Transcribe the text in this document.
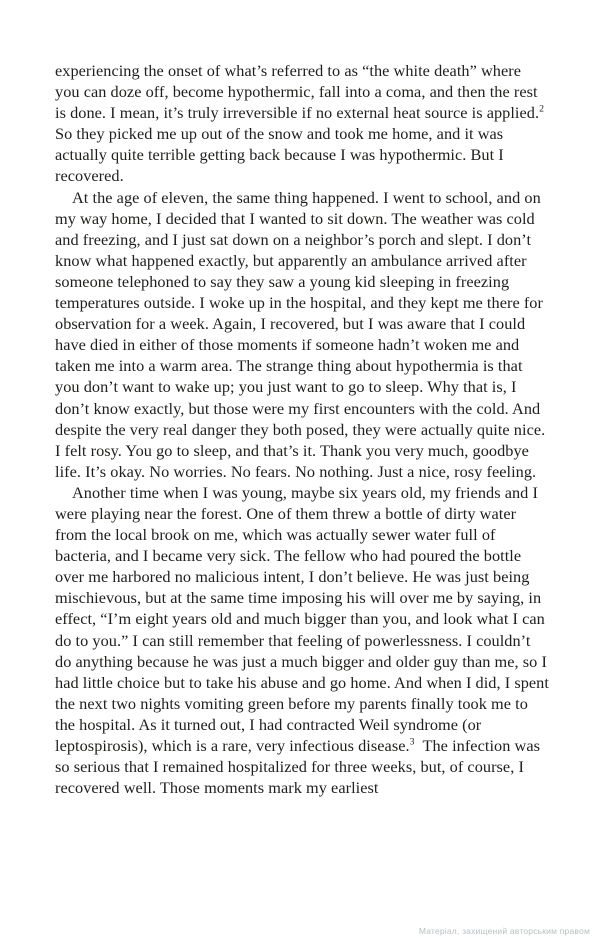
experiencing the onset of what’s referred to as “the white death” where you can doze off, become hypothermic, fall into a coma, and then the rest is done. I mean, it’s truly irreversible if no external heat source is applied.$^2$  So they picked me up out of the snow and took me home, and it was actually quite terrible getting back because I was hypothermic. But I recovered.

At the age of eleven, the same thing happened. I went to school, and on my way home, I decided that I wanted to sit down. The weather was cold and freezing, and I just sat down on a neighbor’s porch and slept. I don’t know what happened exactly, but apparently an ambulance arrived after someone telephoned to say they saw a young kid sleeping in freezing temperatures outside. I woke up in the hospital, and they kept me there for observation for a week. Again, I recovered, but I was aware that I could have died in either of those moments if someone hadn’t woken me and taken me into a warm area. The strange thing about hypothermia is that you don’t want to wake up; you just want to go to sleep. Why that is, I don’t know exactly, but those were my first encounters with the cold. And despite the very real danger they both posed, they were actually quite nice. I felt rosy. You go to sleep, and that’s it. Thank you very much, goodbye life. It’s okay. No worries. No fears. No nothing. Just a nice, rosy feeling.

Another time when I was young, maybe six years old, my friends and I were playing near the forest. One of them threw a bottle of dirty water from the local brook on me, which was actually sewer water full of bacteria, and I became very sick. The fellow who had poured the bottle over me harbored no malicious intent, I don’t believe. He was just being mischievous, but at the same time imposing his will over me by saying, in effect, “I’m eight years old and much bigger than you, and look what I can do to you.” I can still remember that feeling of powerlessness. I couldn’t do anything because he was just a much bigger and older guy than me, so I had little choice but to take his abuse and go home. And when I did, I spent the next two nights vomiting green before my parents finally took me to the hospital. As it turned out, I had contracted Weil syndrome (or leptospirosis), which is a rare, very infectious disease.$^3$  The infection was so serious that I remained hospitalized for three weeks, but, of course, I recovered well. Those moments mark my earliest

Матеріал, захищений авторським правом
